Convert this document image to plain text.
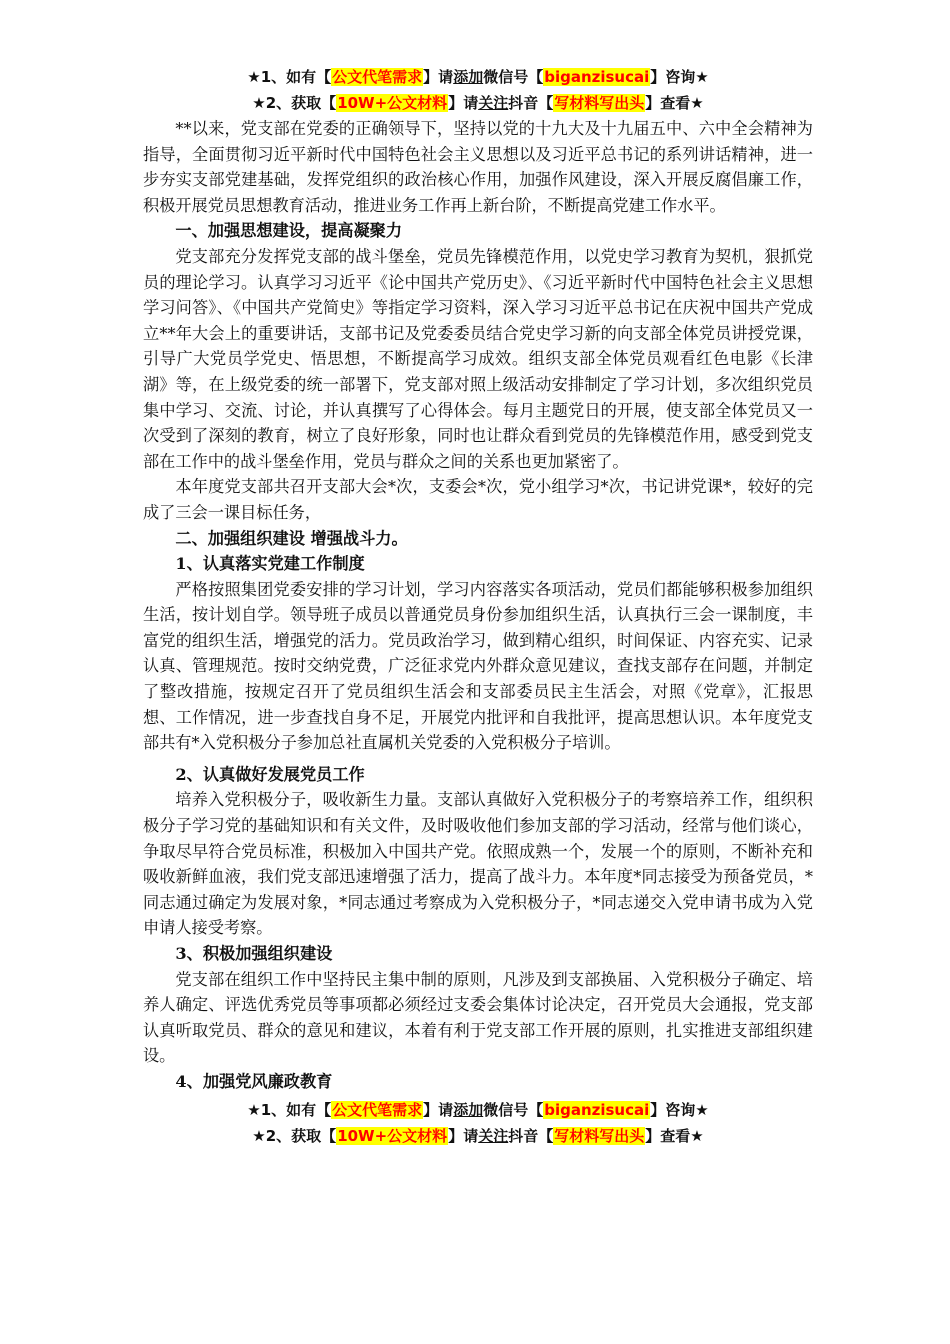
★1、如有【公文代笔需求】请添加微信号【biganzisucai】咨询★
★2、获取【10W+公文材料】请关注抖音【写材料写出头】查看★

**以来，党支部在党委的正确领导下，坚持以党的十九大及十九届五中、六中全会精神为指导，全面贯彻习近平新时代中国特色社会主义思想以及习近平总书记的系列讲话精神，进一步夯实支部党建基础，发挥党组织的政治核心作用，加强作风建设，深入开展反腐倡廉工作，积极开展党员思想教育活动，推进业务工作再上新台阶，不断提高党建工作水平。

一、加强思想建设，提高凝聚力

党支部充分发挥党支部的战斗堡垒，党员先锋模范作用，以党史学习教育为契机，狠抓党员的理论学习。认真学习习近平《论中国共产党历史》、《习近平新时代中国特色社会主义思想学习问答》、《中国共产党简史》等指定学习资料，深入学习习近平总书记在庆祝中国共产党成立**年大会上的重要讲话，支部书记及党委委员结合党史学习新的向支部全体党员讲授党课，引导广大党员学党史、悟思想，不断提高学习成效。组织支部全体党员观看红色电影《长津湖》等，在上级党委的统一部署下，党支部对照上级活动安排制定了学习计划，多次组织党员集中学习、交流、讨论，并认真撰写了心得体会。每月主题党日的开展，使支部全体党员又一次受到了深刻的教育，树立了良好形象，同时也让群众看到党员的先锋模范作用，感受到党支部在工作中的战斗堡垒作用，党员与群众之间的关系也更加紧密了。

本年度党支部共召开支部大会*次，支委会*次，党小组学习*次，书记讲党课*，较好的完成了三会一课目标任务，

二、加强组织建设 增强战斗力。

1、认真落实党建工作制度

严格按照集团党委安排的学习计划，学习内容落实各项活动，党员们都能够积极参加组织生活，按计划自学。领导班子成员以普通党员身份参加组织生活，认真执行三会一课制度，丰富党的组织生活，增强党的活力。党员政治学习，做到精心组织，时间保证、内容充实、记录认真、管理规范。按时交纳党费，广泛征求党内外群众意见建议，查找支部存在问题，并制定了整改措施，按规定召开了党员组织生活会和支部委员民主生活会，对照《党章》，汇报思想、工作情况，进一步查找自身不足，开展党内批评和自我批评，提高思想认识。本年度党支部共有*入党积极分子参加总社直属机关党委的入党积极分子培训。

2、认真做好发展党员工作

培养入党积极分子，吸收新生力量。支部认真做好入党积极分子的考察培养工作，组织积极分子学习党的基础知识和有关文件，及时吸收他们参加支部的学习活动，经常与他们谈心，争取尽早符合党员标准，积极加入中国共产党。依照成熟一个，发展一个的原则，不断补充和吸收新鲜血液，我们党支部迅速增强了活力，提高了战斗力。本年度*同志接受为预备党员，*同志通过确定为发展对象，*同志通过考察成为入党积极分子，*同志递交入党申请书成为入党申请人接受考察。

3、积极加强组织建设

党支部在组织工作中坚持民主集中制的原则，凡涉及到支部换届、入党积极分子确定、培养人确定、评选优秀党员等事项都必须经过支委会集体讨论决定，召开党员大会通报，党支部认真听取党员、群众的意见和建议，本着有利于党支部工作开展的原则，扎实推进支部组织建设。

4、加强党风廉政教育

★1、如有【公文代笔需求】请添加微信号【biganzisucai】咨询★
★2、获取【10W+公文材料】请关注抖音【写材料写出头】查看★
